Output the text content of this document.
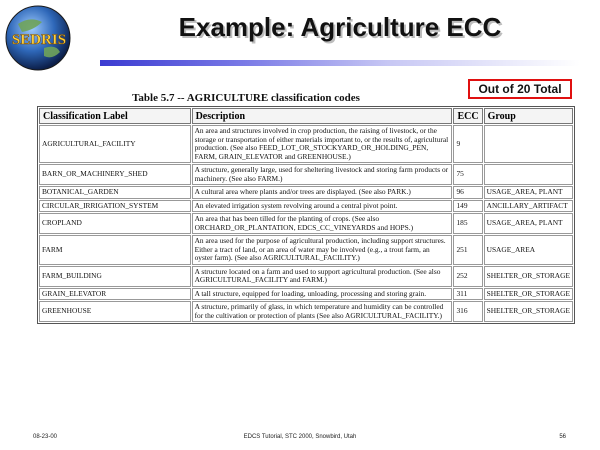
SEDRIS	Example: Agriculture ECC
Out of 20 Total
Table 5.7 -- AGRICULTURE classification codes
Classification Label	Description	ECC	Group
AGRICULTURAL_FACILITY	An area and structures involved in crop production, the raising of livestock, or the storage or transportation of either materials important to, or the results of, agricultural production. (See also FEED_LOT_OR_STOCKYARD_OR_HOLDING_PEN, FARM, GRAIN_ELEVATOR and GREENHOUSE.)	9	
BARN_OR_MACHINERY_SHED	A structure, generally large, used for sheltering livestock and storing farm products or machinery. (See also FARM.)	75	
BOTANICAL_GARDEN	A cultural area where plants and/or trees are displayed. (See also PARK.)	96	USAGE_AREA, PLANT
CIRCULAR_IRRIGATION_SYSTEM	An elevated irrigation system revolving around a central pivot point.	149	ANCILLARY_ARTIFACT
CROPLAND	An area that has been tilled for the planting of crops. (See also ORCHARD_OR_PLANTATION, EDCS_CC_VINEYARDS and HOPS.)	185	USAGE_AREA, PLANT
FARM	An area used for the purpose of agricultural production, including support structures. Either a tract of land, or an area of water may be involved (e.g., a trout farm, an oyster farm). (See also AGRICULTURAL_FACILITY.)	251	USAGE_AREA
FARM_BUILDING	A structure located on a farm and used to support agricultural production. (See also AGRICULTURAL_FACILITY and FARM.)	252	SHELTER_OR_STORAGE
GRAIN_ELEVATOR	A tall structure, equipped for loading, unloading, processing and storing grain.	311	SHELTER_OR_STORAGE
GREENHOUSE	A structure, primarily of glass, in which temperature and humidity can be controlled for the cultivation or protection of plants (See also AGRICULTURAL_FACILITY.)	316	SHELTER_OR_STORAGE
08-23-00	EDCS Tutorial, STC 2000, Snowbird, Utah	56
